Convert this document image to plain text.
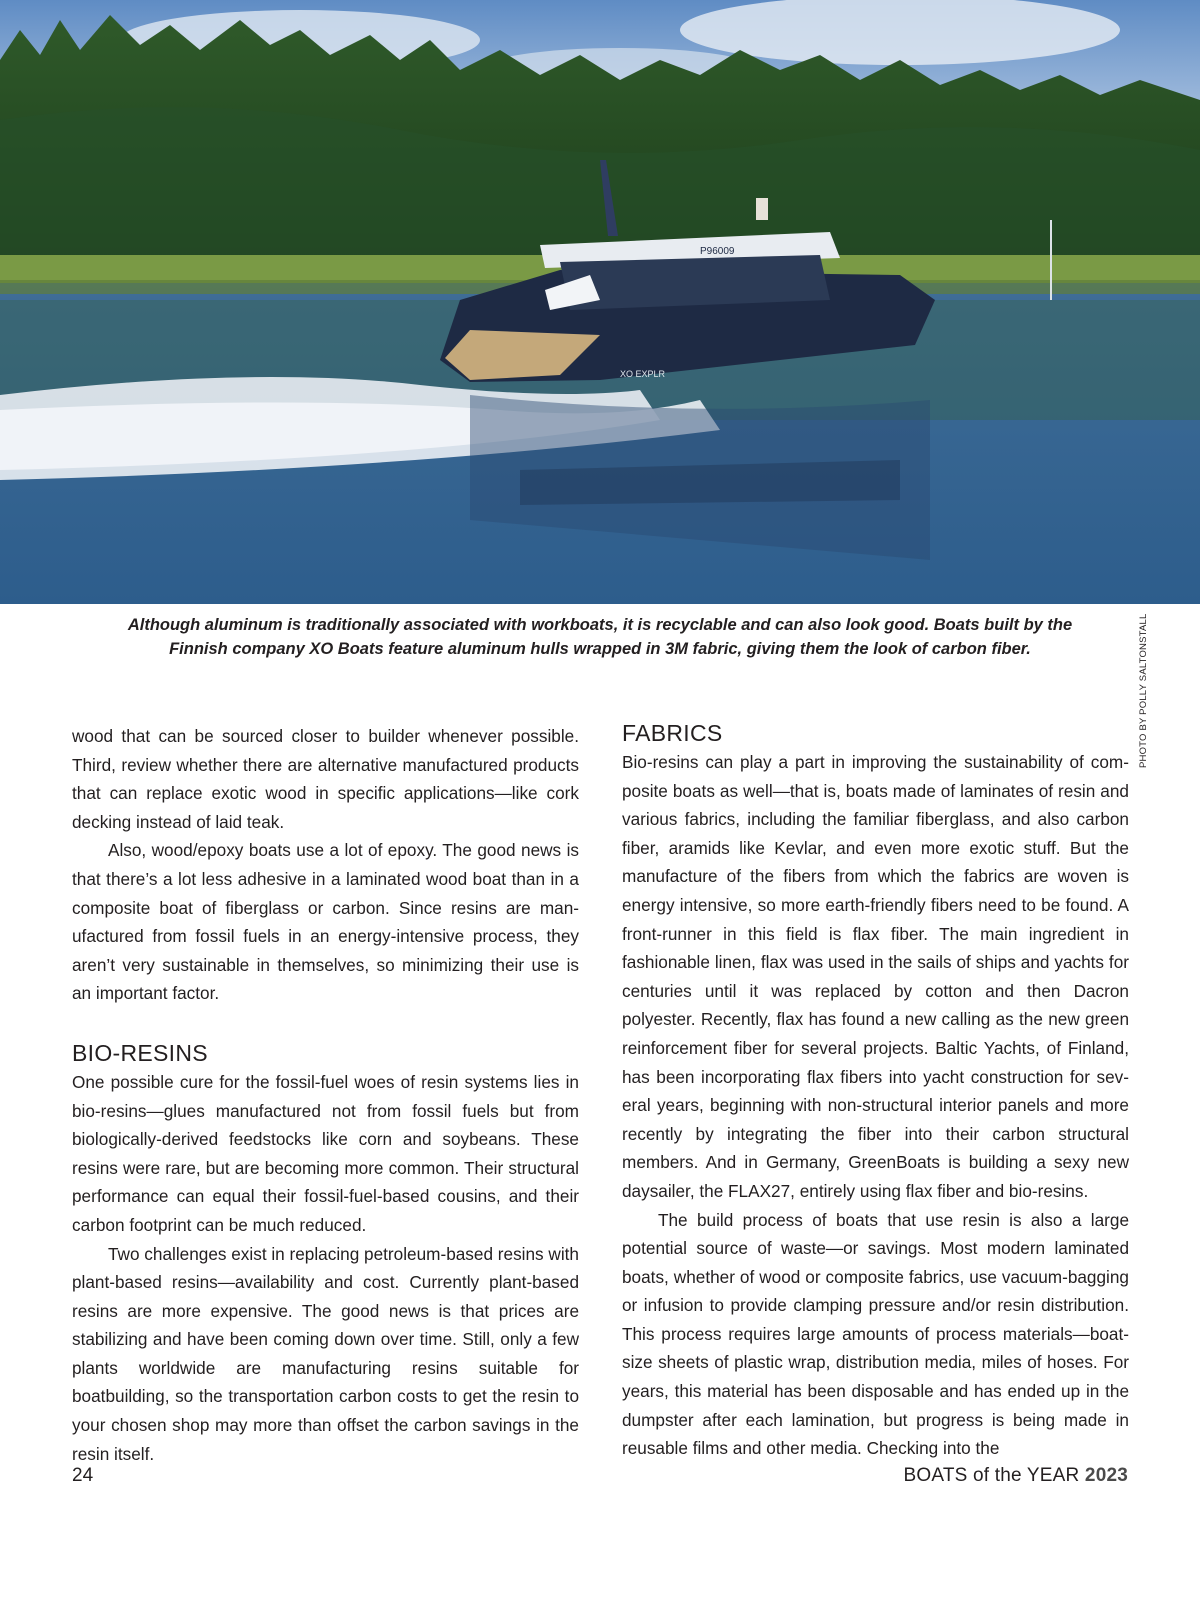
P96009
XO EXPLR
PHOTO BY POLLY SALTONSTALL
Although aluminum is traditionally associated with workboats, it is recyclable and can also look good. Boats built by the
Finnish company XO Boats feature aluminum hulls wrapped in 3M fabric, giving them the look of carbon fiber.

wood that can be sourced closer to builder whenever possible. Third, review whether there are alternative manufactured products that can replace exotic wood in specific applications—like cork decking instead of laid teak.

Also, wood/epoxy boats use a lot of epoxy. The good news is that there’s a lot less adhesive in a laminated wood boat than in a composite boat of fiberglass or carbon. Since resins are manufactured from fossil fuels in an energy-intensive process, they aren’t very sustainable in themselves, so minimizing their use is an important factor.

BIO-RESINS

One possible cure for the fossil-fuel woes of resin systems lies in bio-resins—glues manufactured not from fossil fuels but from biologically-derived feedstocks like corn and soybeans. These resins were rare, but are becoming more common. Their structural performance can equal their fossil-fuel-based cousins, and their carbon footprint can be much reduced.

Two challenges exist in replacing petroleum-based resins with plant-based resins—availability and cost. Currently plant-based resins are more expensive. The good news is that prices are stabilizing and have been coming down over time. Still, only a few plants worldwide are manufacturing resins suitable for boatbuilding, so the transportation carbon costs to get the resin to your chosen shop may more than offset the carbon savings in the resin itself.

FABRICS

Bio-resins can play a part in improving the sustainability of composite boats as well—that is, boats made of laminates of resin and various fabrics, including the familiar fiberglass, and also carbon fiber, aramids like Kevlar, and even more exotic stuff. But the manufacture of the fibers from which the fabrics are woven is energy intensive, so more earth-friendly fibers need to be found. A front-runner in this field is flax fiber. The main ingredient in fashionable linen, flax was used in the sails of ships and yachts for centuries until it was replaced by cotton and then Dacron polyester. Recently, flax has found a new calling as the new green reinforcement fiber for several projects. Baltic Yachts, of Finland, has been incorporating flax fibers into yacht construction for several years, beginning with non-structural interior panels and more recently by integrating the fiber into their carbon structural members. And in Germany, GreenBoats is building a sexy new daysailer, the FLAX27, entirely using flax fiber and bio-resins.

The build process of boats that use resin is also a large potential source of waste—or savings. Most modern laminated boats, whether of wood or composite fabrics, use vacuum-bagging or infusion to provide clamping pressure and/or resin distribution. This process requires large amounts of process materials—boat-size sheets of plastic wrap, distribution media, miles of hoses. For years, this material has been disposable and has ended up in the dumpster after each lamination, but progress is being made in reusable films and other media. Checking into the

24	BOATS of the YEAR 2023
